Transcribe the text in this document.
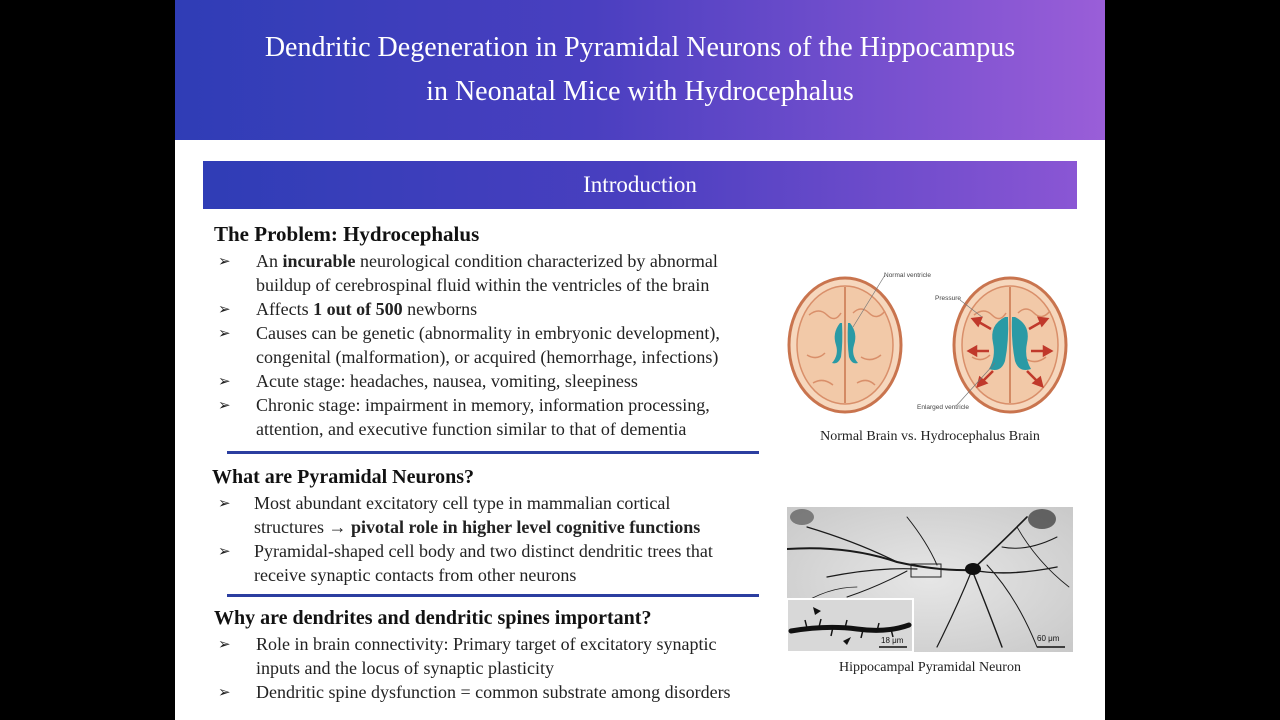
Dendritic Degeneration in Pyramidal Neurons of the Hippocampus
in Neonatal Mice with Hydrocephalus
Introduction
The Problem: Hydrocephalus
➢	An incurable neurological condition characterized by abnormal
buildup of cerebrospinal fluid within the ventricles of the brain
➢	Affects 1 out of 500 newborns
➢	Causes can be genetic (abnormality in embryonic development),
congenital (malformation), or acquired (hemorrhage, infections)
➢	Acute stage: headaches, nausea, vomiting, sleepiness
➢	Chronic stage: impairment in memory, information processing,
attention, and executive function similar to that of dementia
What are Pyramidal Neurons?
➢	Most abundant excitatory cell type in mammalian cortical
structures → pivotal role in higher level cognitive functions
➢	Pyramidal-shaped cell body and two distinct dendritic trees that
receive synaptic contacts from other neurons
Why are dendrites and dendritic spines important?
➢	Role in brain connectivity: Primary target of excitatory synaptic
inputs and the locus of synaptic plasticity
➢	Dendritic spine dysfunction = common substrate among disorders
Normal ventricle
Pressure
Enlarged ventricle
Normal Brain vs. Hydrocephalus Brain
18 μm	60 μm
Hippocampal Pyramidal Neuron
